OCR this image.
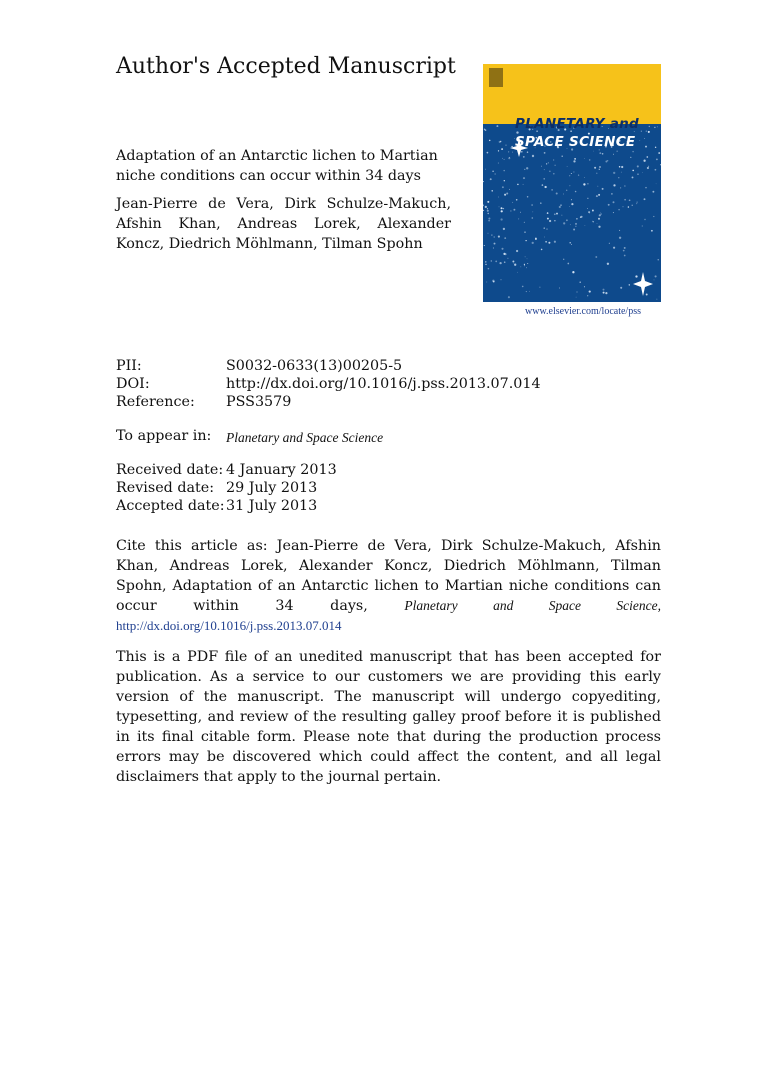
Author's Accepted Manuscript
Adaptation of an Antarctic lichen to Martian niche conditions can occur within 34 days
Jean-Pierre de Vera, Dirk Schulze-Makuch, Afshin Khan, Andreas Lorek, Alexander Koncz, Diedrich Möhlmann, Tilman Spohn
PLANETARY and
SPACE SCIENCE
www.elsevier.com/locate/pss
PII:	S0032-0633(13)00205-5
DOI:	http://dx.doi.org/10.1016/j.pss.2013.07.014
Reference: PSS3579
To appear in: Planetary and Space Science
Received date: 4 January 2013
Revised date: 29 July 2013
Accepted date: 31 July 2013
Cite this article as: Jean-Pierre de Vera, Dirk Schulze-Makuch, Afshin Khan, Andreas Lorek, Alexander Koncz, Diedrich Möhlmann, Tilman Spohn, Adaptation of an Antarctic lichen to Martian niche conditions can occur within 34 days, Planetary and Space Science, http://dx.doi.org/10.1016/j.pss.2013.07.014
This is a PDF file of an unedited manuscript that has been accepted for publication. As a service to our customers we are providing this early version of the manuscript. The manuscript will undergo copyediting, typesetting, and review of the resulting galley proof before it is published in its final citable form. Please note that during the production process errors may be discovered which could affect the content, and all legal disclaimers that apply to the journal pertain.
